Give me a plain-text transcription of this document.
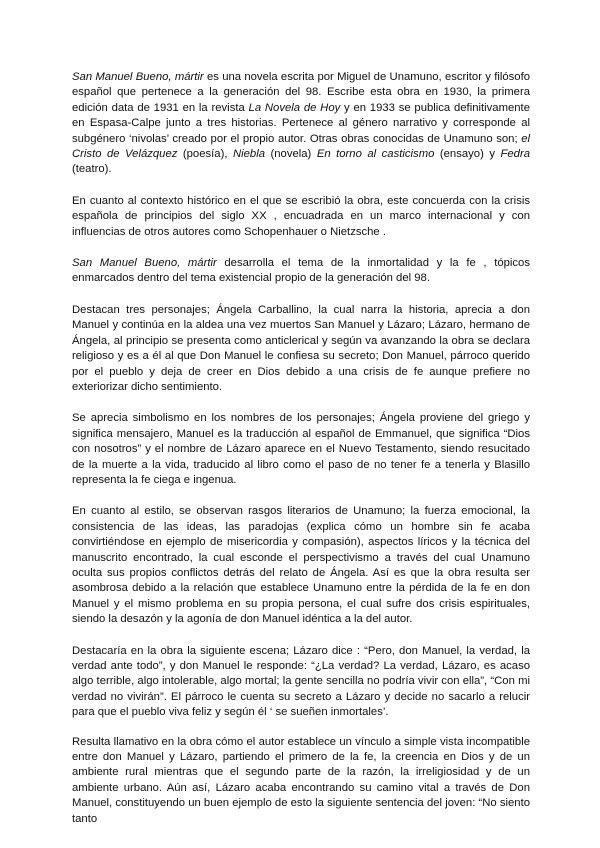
San Manuel Bueno, mártir es una novela escrita por Miguel de Unamuno, escritor y filósofo español que pertenece a la generación del 98. Escribe esta obra en 1930, la primera edición data de 1931 en la revista La Novela de Hoy y en 1933 se publica definitivamente en Espasa-Calpe junto a tres historias. Pertenece al género narrativo y corresponde al subgénero ‘nivolas’ creado por el propio autor. Otras obras conocidas de Unamuno son; el Cristo de Velázquez (poesía), Niebla (novela) En torno al casticismo (ensayo) y Fedra (teatro).

En cuanto al contexto histórico en el que se escribió la obra, este concuerda con la crisis española de principios del siglo XX , encuadrada en un marco internacional y con influencias de otros autores como Schopenhauer o Nietzsche .

San Manuel Bueno, mártir desarrolla el tema de la inmortalidad y la fe , tópicos enmarcados dentro del tema existencial propio de la generación del 98.

Destacan tres personajes; Ángela Carballino, la cual narra la historia, aprecia a don Manuel y continúa en la aldea una vez muertos San Manuel y Lázaro; Lázaro, hermano de Ángela, al principio se presenta como anticlerical y según va avanzando la obra se declara religioso y es a él al que Don Manuel le confiesa su secreto; Don Manuel, párroco querido por el pueblo y deja de creer en Dios debido a una crisis de fe aunque prefiere no exteriorizar dicho sentimiento.

Se aprecia simbolismo en los nombres de los personajes; Ángela proviene del griego y significa mensajero, Manuel es la traducción al español de Emmanuel, que significa “Dios con nosotros” y el nombre de Lázaro aparece en el Nuevo Testamento, siendo resucitado de la muerte a la vida, traducido al libro como el paso de no tener fe a tenerla y Blasillo representa la fe ciega e ingenua.

En cuanto al estilo, se observan rasgos literarios de Unamuno; la fuerza emocional, la consistencia de las ideas, las paradojas (explica cómo un hombre sin fe acaba convirtiéndose en ejemplo de misericordia y compasión), aspectos líricos y la técnica del manuscrito encontrado, la cual esconde el perspectivismo a través del cual Unamuno oculta sus propios conflictos detrás del relato de Ángela. Así es que la obra resulta ser asombrosa debido a la relación que establece Unamuno entre la pérdida de la fe en don Manuel y el mismo problema en su propia persona, el cual sufre dos crisis espirituales, siendo la desazón y la agonía de don Manuel idéntica a la del autor.

Destacaría en la obra la siguiente escena; Lázaro dice : “Pero, don Manuel, la verdad, la verdad ante todo”, y don Manuel le responde: “¿La verdad? La verdad, Lázaro, es acaso algo terrible, algo intolerable, algo mortal; la gente sencilla no podría vivir con ella”, “Con mi verdad no vivirán”. El párroco le cuenta su secreto a Lázaro y decide no sacarlo a relucir para que el pueblo viva feliz y según él ‘ se sueñen inmortales’.

Resulta llamativo en la obra cómo el autor establece un vínculo a simple vista incompatible entre don Manuel y Lázaro, partiendo el primero de la fe, la creencia en Dios y de un ambiente rural mientras que el segundo parte de la razón, la irreligiosidad y de un ambiente urbano. Aún así, Lázaro acaba encontrando su camino vital a través de Don Manuel, constituyendo un buen ejemplo de esto la siguiente sentencia del joven: “No siento tanto
